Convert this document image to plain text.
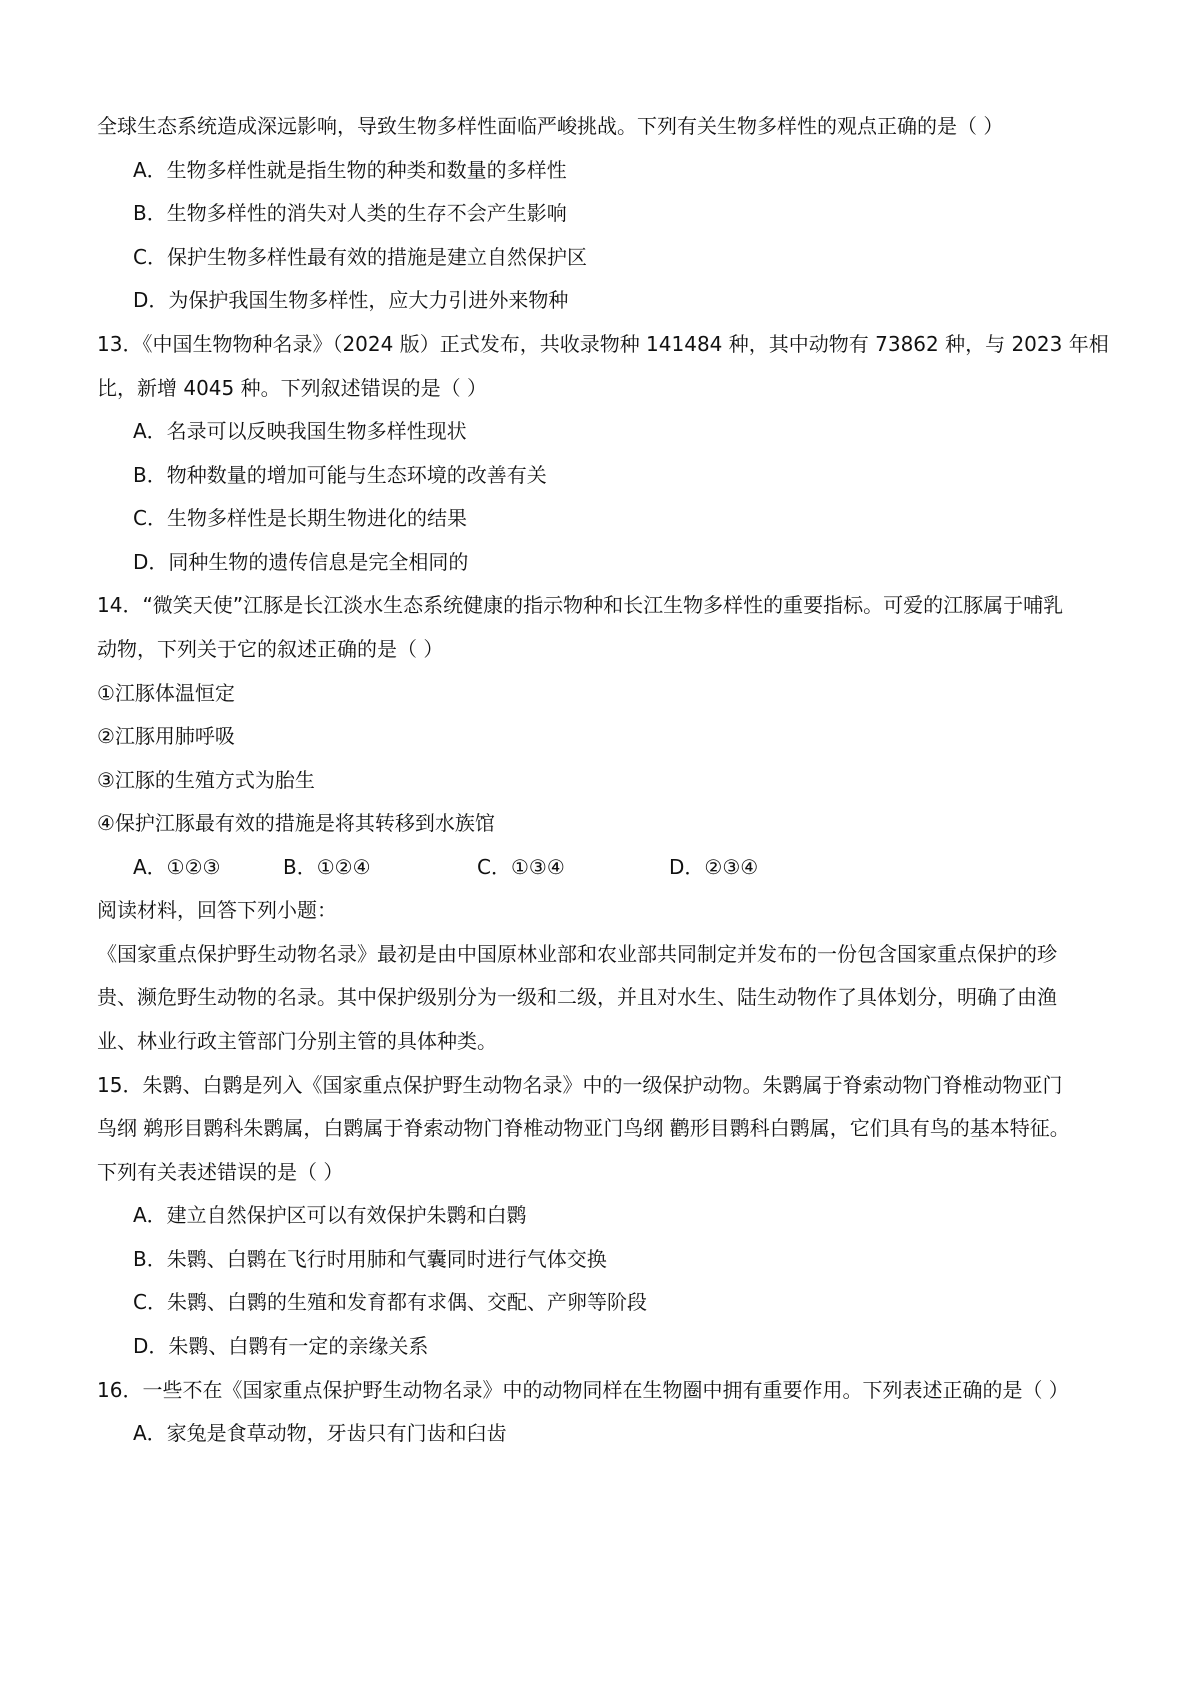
全球生态系统造成深远影响，导致生物多样性面临严峻挑战。下列有关生物多样性的观点正确的是（ ）
A．生物多样性就是指生物的种类和数量的多样性
B．生物多样性的消失对人类的生存不会产生影响
C．保护生物多样性最有效的措施是建立自然保护区
D．为保护我国生物多样性，应大力引进外来物种
13．《中国生物物种名录》（2024 版）正式发布，共收录物种 141484 种，其中动物有 73862 种，与 2023 年相
比，新增 4045 种。下列叙述错误的是（ ）
A．名录可以反映我国生物多样性现状
B．物种数量的增加可能与生态环境的改善有关
C．生物多样性是长期生物进化的结果
D．同种生物的遗传信息是完全相同的
14．“微笑天使”江豚是长江淡水生态系统健康的指示物种和长江生物多样性的重要指标。可爱的江豚属于哺乳
动物，下列关于它的叙述正确的是（ ）
①江豚体温恒定
②江豚用肺呼吸
③江豚的生殖方式为胎生
④保护江豚最有效的措施是将其转移到水族馆
A．①②③	B．①②④	C．①③④	D．②③④
阅读材料，回答下列小题：
《国家重点保护野生动物名录》最初是由中国原林业部和农业部共同制定并发布的一份包含国家重点保护的珍
贵、濒危野生动物的名录。其中保护级别分为一级和二级，并且对水生、陆生动物作了具体划分，明确了由渔
业、林业行政主管部门分别主管的具体种类。
15．朱鹮、白鹮是列入《国家重点保护野生动物名录》中的一级保护动物。朱鹮属于脊索动物门脊椎动物亚门
鸟纲 鹈形目鹮科朱鹮属，白鹮属于脊索动物门脊椎动物亚门鸟纲 鹳形目鹮科白鹮属，它们具有鸟的基本特征。
下列有关表述错误的是（ ）
A．建立自然保护区可以有效保护朱鹮和白鹮
B．朱鹮、白鹮在飞行时用肺和气囊同时进行气体交换
C．朱鹮、白鹮的生殖和发育都有求偶、交配、产卵等阶段
D．朱鹮、白鹮有一定的亲缘关系
16．一些不在《国家重点保护野生动物名录》中的动物同样在生物圈中拥有重要作用。下列表述正确的是（ ）
A．家兔是食草动物，牙齿只有门齿和臼齿
